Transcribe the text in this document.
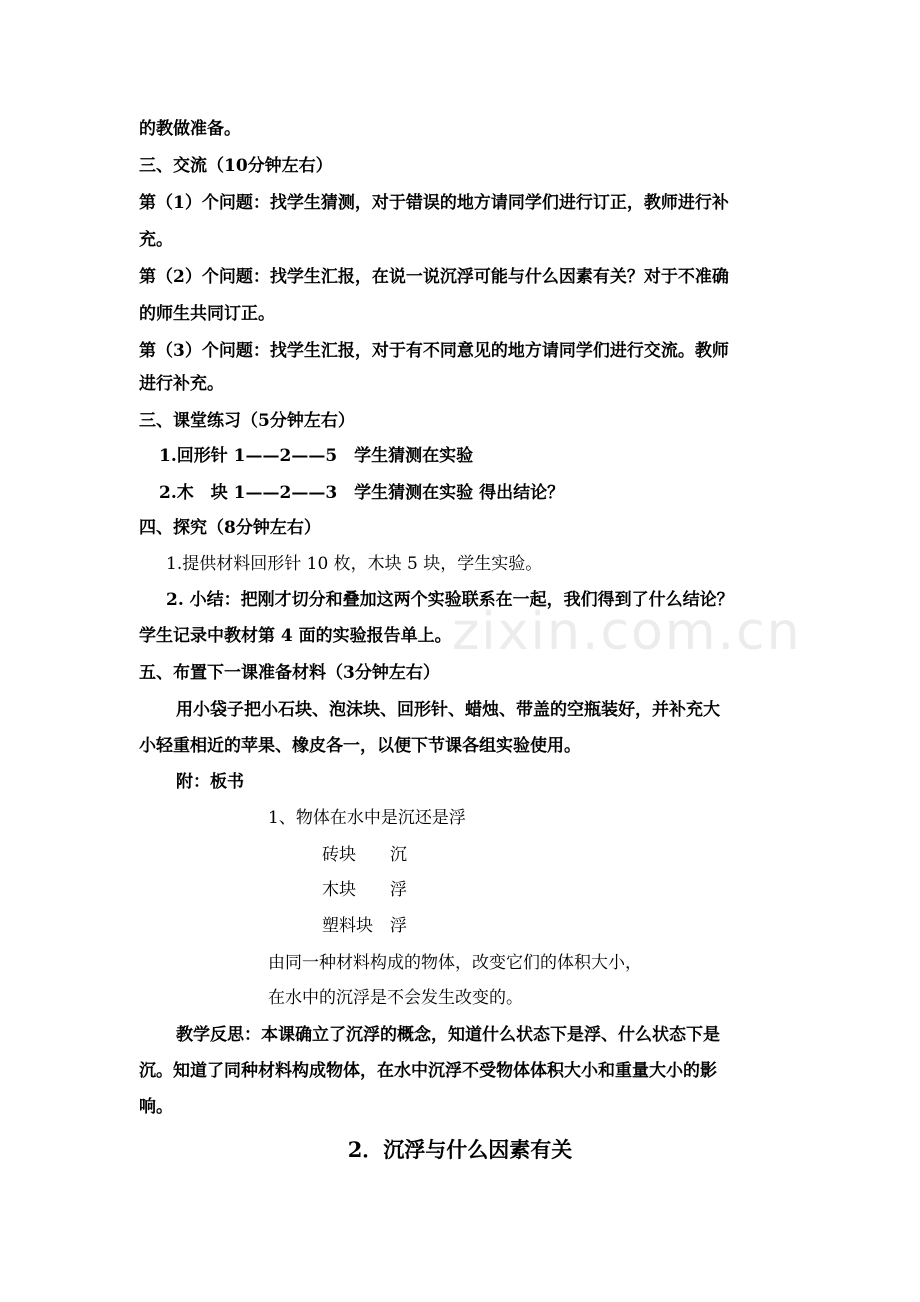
zixin.com.cn
的教做准备。
三、交流（10分钟左右）
第（1）个问题：找学生猜测，对于错误的地方请同学们进行订正，教师进行补
充。
第（2）个问题：找学生汇报，在说一说沉浮可能与什么因素有关？对于不准确
的师生共同订正。
第（3）个问题：找学生汇报，对于有不同意见的地方请同学们进行交流。教师
进行补充。
三、课堂练习（5分钟左右）
1.回形针 1——2——5　学生猜测在实验
2.木　块 1——2——3　学生猜测在实验 得出结论？
四、探究（8分钟左右）
1.提供材料回形针 10 枚，木块 5 块，学生实验。
2. 小结：把刚才切分和叠加这两个实验联系在一起，我们得到了什么结论？
学生记录中教材第 4 面的实验报告单上。
五、布置下一课准备材料（3分钟左右）
用小袋子把小石块、泡沫块、回形针、蜡烛、带盖的空瓶装好，并补充大
小轻重相近的苹果、橡皮各一，以便下节课各组实验使用。
附：板书
1、物体在水中是沉还是浮
砖块　　沉
木块　　浮
塑料块　浮
由同一种材料构成的物体，改变它们的体积大小，
在水中的沉浮是不会发生改变的。
教学反思：本课确立了沉浮的概念，知道什么状态下是浮、什么状态下是
沉。知道了同种材料构成物体，在水中沉浮不受物体体积大小和重量大小的影
响。
2．沉浮与什么因素有关
